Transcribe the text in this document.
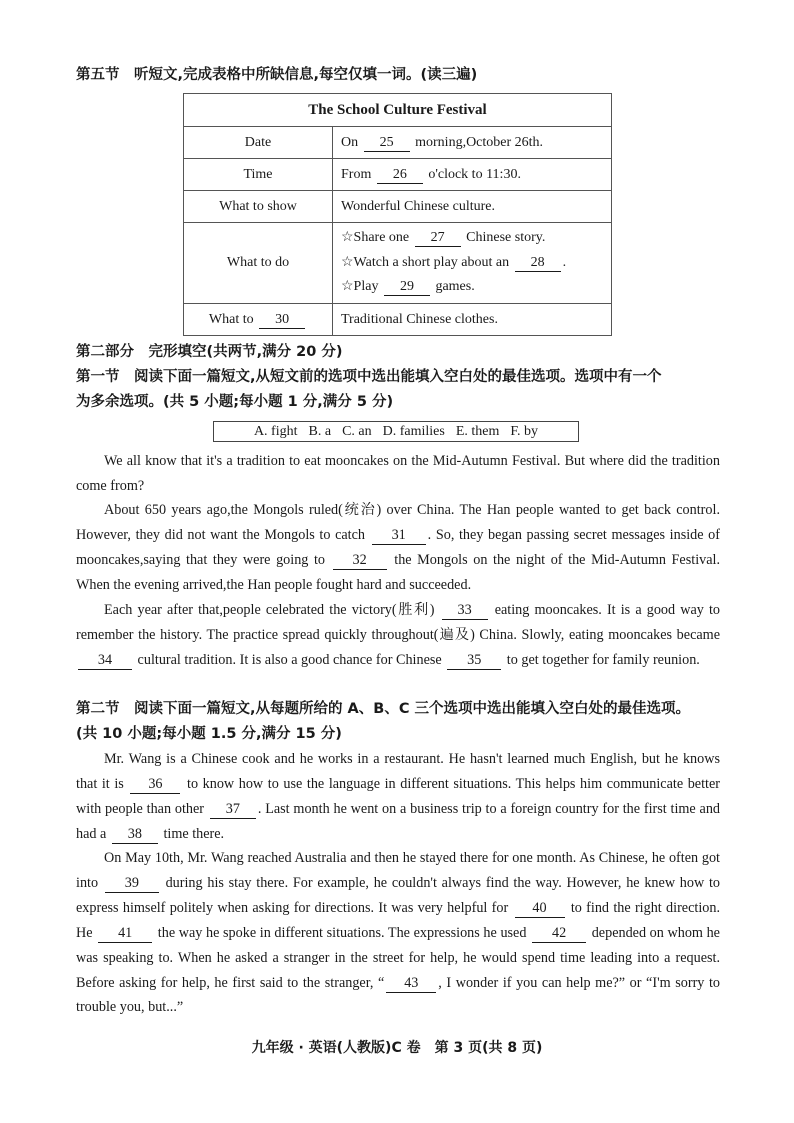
第五节　听短文,完成表格中所缺信息,每空仅填一词。(读三遍)
The School Culture Festival	
Date	On 25 morning,October 26th.
Time	From 26 o'clock to 11:30.
What to show	Wonderful Chinese culture.
What to do	☆Share one 27 Chinese story.
☆Watch a short play about an 28 .
☆Play 29 games.

What to 30	Traditional Chinese clothes.
第二部分　完形填空(共两节,满分 20 分)
第一节　阅读下面一篇短文,从短文前的选项中选出能填入空白处的最佳选项。选项中有一个
为多余选项。(共 5 小题;每小题 1 分,满分 5 分)
A. fight B. a C. an D. families E. them F. by
We all know that it's a tradition to eat mooncakes on the Mid-Autumn Festival. But where did the tradition come from?
About 650 years ago,the Mongols ruled(统治) over China. The Han people wanted to get back control. However, they did not want the Mongols to catch 31 . So, they began passing secret messages inside of mooncakes,saying that they were going to 32 the Mongols on the night of the Mid-Autumn Festival. When the evening arrived,the Han people fought hard and succeeded.
Each year after that,people celebrated the victory(胜利) 33 eating mooncakes. It is a good way to remember the history. The practice spread quickly throughout(遍及) China. Slowly, eating mooncakes became 34 cultural tradition. It is also a good chance for Chinese 35 to get together for family reunion.
第二节　阅读下面一篇短文,从每题所给的 A、B、C 三个选项中选出能填入空白处的最佳选项。
(共 10 小题;每小题 1.5 分,满分 15 分)
Mr. Wang is a Chinese cook and he works in a restaurant. He hasn't learned much English, but he knows that it is 36 to know how to use the language in different situations. This helps him communicate better with people than other 37 . Last month he went on a business trip to a foreign country for the first time and had a 38 time there.
On May 10th, Mr. Wang reached Australia and then he stayed there for one month. As Chinese, he often got into 39 during his stay there. For example, he couldn't always find the way. However, he knew how to express himself politely when asking for directions. It was very helpful for 40 to find the right direction. He 41 the way he spoke in different situations. The expressions he used 42 depended on whom he was speaking to. When he asked a stranger in the street for help, he would spend time leading into a request. Before asking for help, he first said to the stranger, “ 43 , I wonder if you can help me?” or “I'm sorry to trouble you, but...”
九年级 · 英语(人教版)C 卷　第 3 页(共 8 页)
